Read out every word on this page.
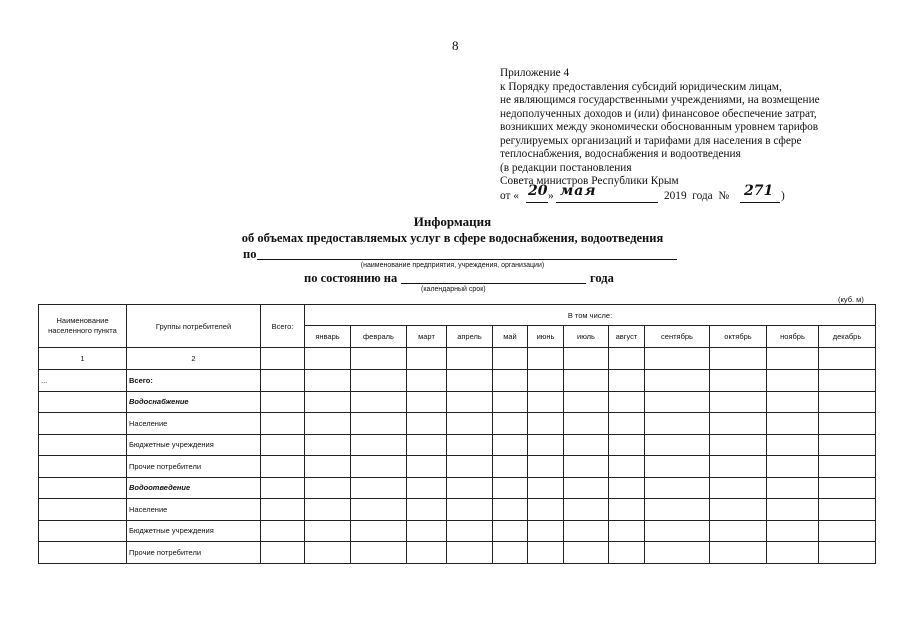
8
Приложение 4
к Порядку предоставления субсидий юридическим лицам,
не являющимся государственными учреждениями, на возмещение
недополученных доходов и (или) финансовое обеспечение затрат,
возникших между экономически обоснованным уровнем тарифов
регулируемых организаций и тарифами для населения в сфере
теплоснабжения, водоснабжения и водоотведения
(в редакции постановления
Совета министров Республики Крым
от « 20 » мая	2019  года  № 271 )
Информация
об объемах предоставляемых услуг в сфере водоснабжения, водоотведения
по
(наименование предприятия, учреждения, организации)
по состоянию на	года
(календарный срок)
(куб. м)
Наименование населенного пункта	Группы потребителей	Всего:	В том числе:											
			январь	февраль	март	апрель	май	июнь	июль	август	сентябрь	октябрь	ноябрь	декабрь
1	2													
...	Всего:													
	Водоснабжение													
	Население													
	Бюджетные учреждения													
	Прочие потребители													
	Водоотведение													
	Население													
	Бюджетные учреждения													
	Прочие потребители													
